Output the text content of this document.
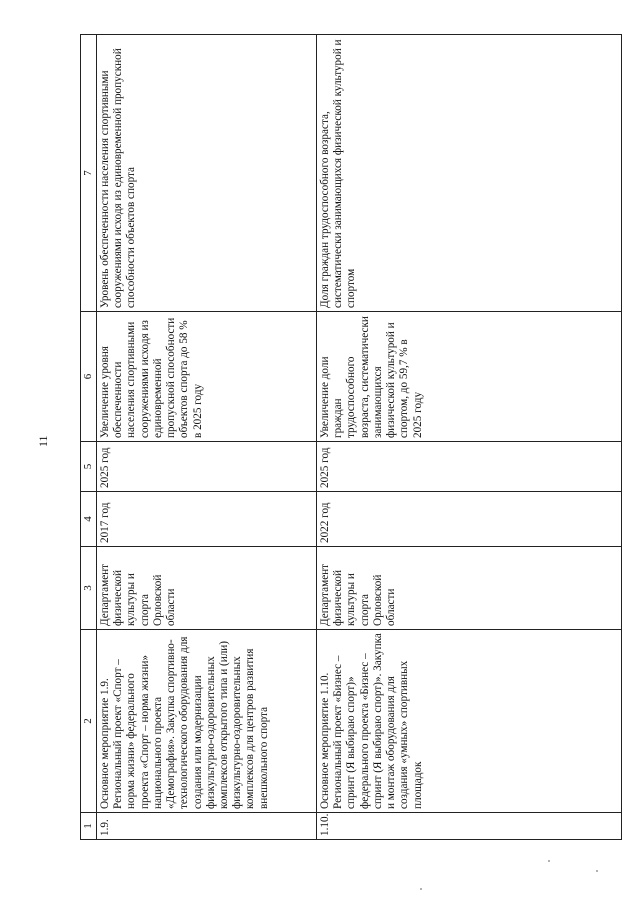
11
1	2	3	4	5	6	7
1.9.	Основное мероприятие 1.9. Региональный проект «Спорт – норма жизни» федерального проекта «Спорт – норма жизни» национального проекта «Демография». Закупка спортивно-технологического оборудования для создания или модернизации физкультурно-оздоровительных комплексов открытого типа и (или) физкультурно-оздоровительных комплексов для центров развития внешкольного спорта	Департамент физической культуры и спорта Орловской области	2017 год	2025 год	Увеличение уровня обеспеченности населения спортивными сооружениями исходя из единовременной пропускной способности объектов спорта до 58 % в 2025 году	Уровень обеспеченности населения спортивными сооружениями исходя из единовременной пропускной способности объектов спорта
1.10.	Основное мероприятие 1.10. Региональный проект «Бизнес – спринт (Я выбираю спорт)» федерального проекта «Бизнес – спринт (Я выбираю спорт)». Закупка и монтаж оборудования для создания «умных» спортивных площадок	Департамент физической культуры и спорта Орловской области	2022 год	2025 год	Увеличение доли граждан трудоспособного возраста, систематически занимающихся физической культурой и спортом, до 59,7 % в 2025 году	Доля граждан трудоспособного возраста, систематически занимающихся физической культурой и спортом
